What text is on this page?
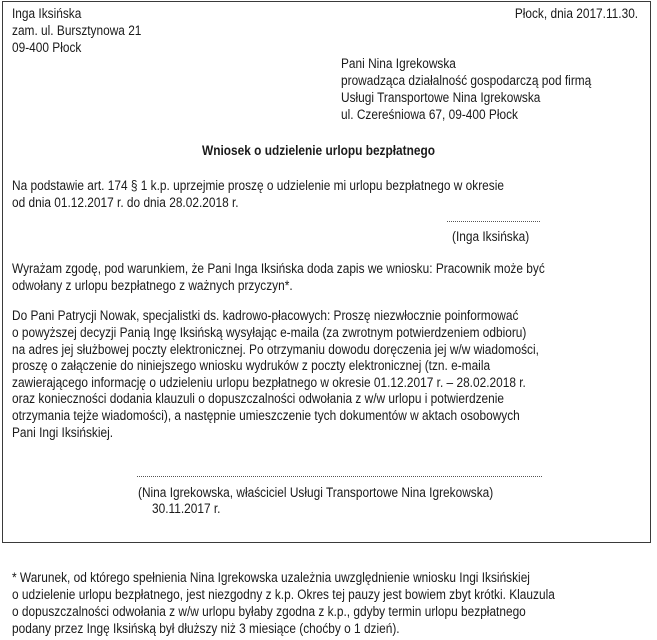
Inga Iksińska
zam. ul. Bursztynowa 21
09-400 Płock
Płock, dnia 2017.11.30.
Pani Nina Igrekowska
prowadząca działalność gospodarczą pod firmą
Usługi Transportowe Nina Igrekowska
ul. Czereśniowa 67, 09-400 Płock
Wniosek o udzielenie urlopu bezpłatnego
Na podstawie art. 174 § 1 k.p. uprzejmie proszę o udzielenie mi urlopu bezpłatnego w okresie
od dnia 01.12.2017 r. do dnia 28.02.2018 r.
(Inga Iksińska)
Wyrażam zgodę, pod warunkiem, że Pani Inga Iksińska doda zapis we wniosku: Pracownik może być
odwołany z urlopu bezpłatnego z ważnych przyczyn*.
Do Pani Patrycji Nowak, specjalistki ds. kadrowo-płacowych: Proszę niezwłocznie poinformować
o powyższej decyzji Panią Ingę Iksińską wysyłając e-maila (za zwrotnym potwierdzeniem odbioru)
na adres jej służbowej poczty elektronicznej. Po otrzymaniu dowodu doręczenia jej w/w wiadomości,
proszę o załączenie do niniejszego wniosku wydruków z poczty elektronicznej (tzn. e-maila
zawierającego informację o udzieleniu urlopu bezpłatnego w okresie 01.12.2017 r. – 28.02.2018 r.
oraz konieczności dodania klauzuli o dopuszczalności odwołania z w/w urlopu i potwierdzenie
otrzymania tejże wiadomości), a następnie umieszczenie tych dokumentów w aktach osobowych
Pani Ingi Iksińskiej.
(Nina Igrekowska, właściciel Usługi Transportowe Nina Igrekowska)
30.11.2017 r.
* Warunek, od którego spełnienia Nina Igrekowska uzależnia uwzględnienie wniosku Ingi Iksińskiej
o udzielenie urlopu bezpłatnego, jest niezgodny z k.p. Okres tej pauzy jest bowiem zbyt krótki. Klauzula
o dopuszczalności odwołania z w/w urlopu byłaby zgodna z k.p., gdyby termin urlopu bezpłatnego
podany przez Ingę Iksińską był dłuższy niż 3 miesiące (choćby o 1 dzień).
